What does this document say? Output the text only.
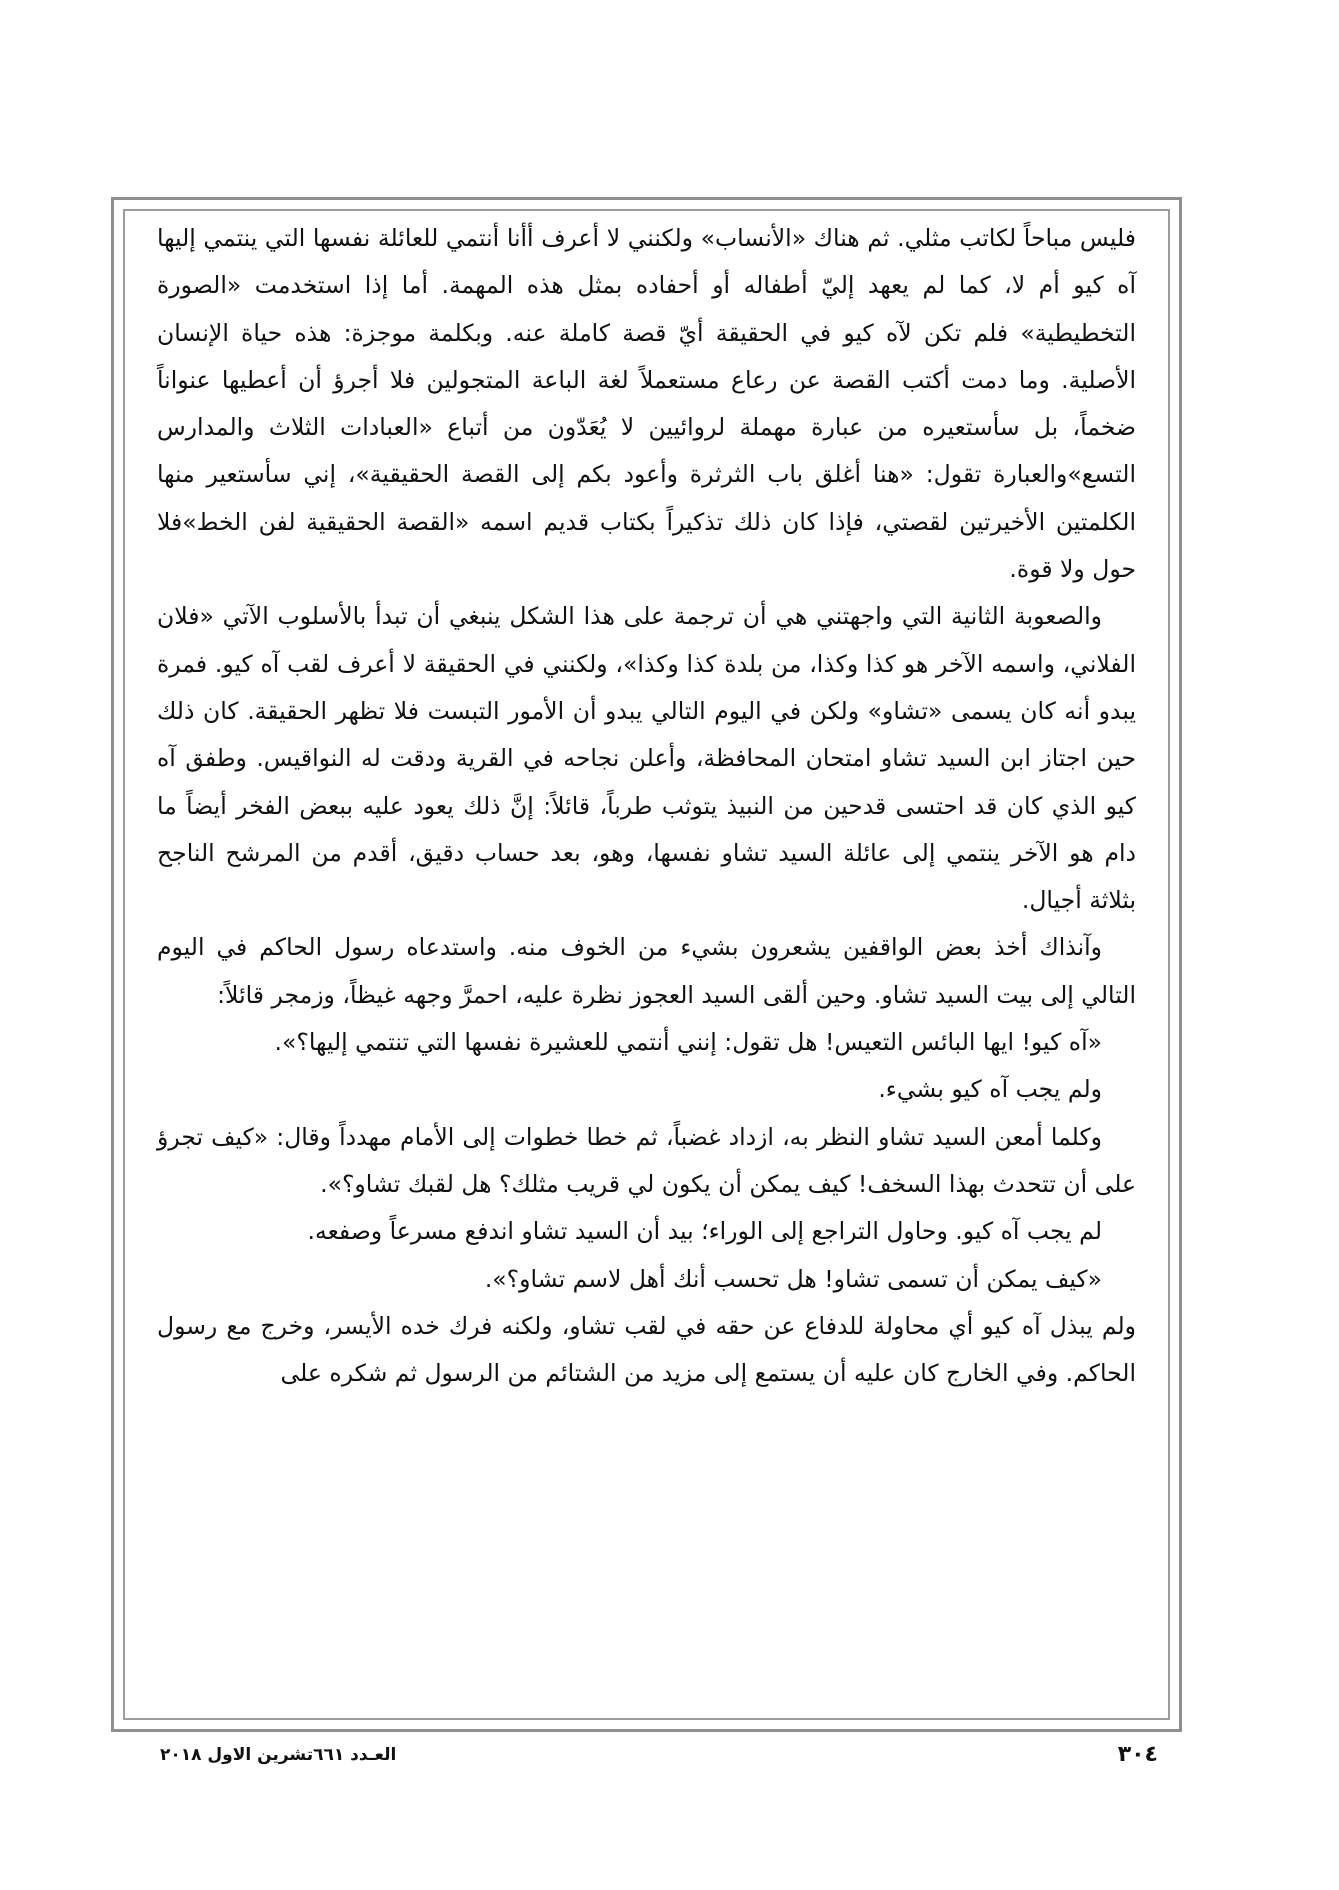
فليس مباحاً لكاتب مثلي. ثم هناك «الأنساب» ولكنني لا أعرف أأنا أنتمي للعائلة نفسها التي ينتمي إليها آه كيو أم لا، كما لم يعهد إليّ أطفاله أو أحفاده بمثل هذه المهمة. أما إذا استخدمت «الصورة التخطيطية» فلم تكن لآه كيو في الحقيقة أيّ قصة كاملة عنه. وبكلمة موجزة: هذه حياة الإنسان الأصلية. وما دمت أكتب القصة عن رعاع مستعملاً لغة الباعة المتجولين فلا أجرؤ أن أعطيها عنواناً ضخماً، بل سأستعيره من عبارة مهملة لروائيين لا يُعَدّون من أتباع «العبادات الثلاث والمدارس التسع»والعبارة تقول: «هنا أغلق باب الثرثرة وأعود بكم إلى القصة الحقيقية»، إني سأستعير منها الكلمتين الأخيرتين لقصتي، فإذا كان ذلك تذكيراً بكتاب قديم اسمه «القصة الحقيقية لفن الخط»فلا حول ولا قوة.

والصعوبة الثانية التي واجهتني هي أن ترجمة على هذا الشكل ينبغي أن تبدأ بالأسلوب الآتي «فلان الفلاني، واسمه الآخر هو كذا وكذا، من بلدة كذا وكذا»، ولكنني في الحقيقة لا أعرف لقب آه كيو. فمرة يبدو أنه كان يسمى «تشاو» ولكن في اليوم التالي يبدو أن الأمور التبست فلا تظهر الحقيقة. كان ذلك حين اجتاز ابن السيد تشاو امتحان المحافظة، وأعلن نجاحه في القرية ودقت له النواقيس. وطفق آه كيو الذي كان قد احتسى قدحين من النبيذ يتوثب طرباً، قائلاً: إنَّ ذلك يعود عليه ببعض الفخر أيضاً ما دام هو الآخر ينتمي إلى عائلة السيد تشاو نفسها، وهو، بعد حساب دقيق، أقدم من المرشح الناجح بثلاثة أجيال.

وآنذاك أخذ بعض الواقفين يشعرون بشيء من الخوف منه. واستدعاه رسول الحاكم في اليوم التالي إلى بيت السيد تشاو. وحين ألقى السيد العجوز نظرة عليه، احمرَّ وجهه غيظاً، وزمجر قائلاً:

«آه كيو! ايها البائس التعيس! هل تقول: إنني أنتمي للعشيرة نفسها التي تنتمي إليها؟».

ولم يجب آه كيو بشيء.

وكلما أمعن السيد تشاو النظر به، ازداد غضباً، ثم خطا خطوات إلى الأمام مهدداً وقال: «كيف تجرؤ على أن تتحدث بهذا السخف! كيف يمكن أن يكون لي قريب مثلك؟ هل لقبك تشاو؟».

لم يجب آه كيو. وحاول التراجع إلى الوراء؛ بيد أن السيد تشاو اندفع مسرعاً وصفعه.

«كيف يمكن أن تسمى تشاو! هل تحسب أنك أهل لاسم تشاو؟».

ولم يبذل آه كيو أي محاولة للدفاع عن حقه في لقب تشاو، ولكنه فرك خده الأيسر، وخرج مع رسول الحاكم. وفي الخارج كان عليه أن يستمع إلى مزيد من الشتائم من الرسول ثم شكره على

٣٠٤
العـدد ٦٦١تشرين الاول ٢٠١٨
